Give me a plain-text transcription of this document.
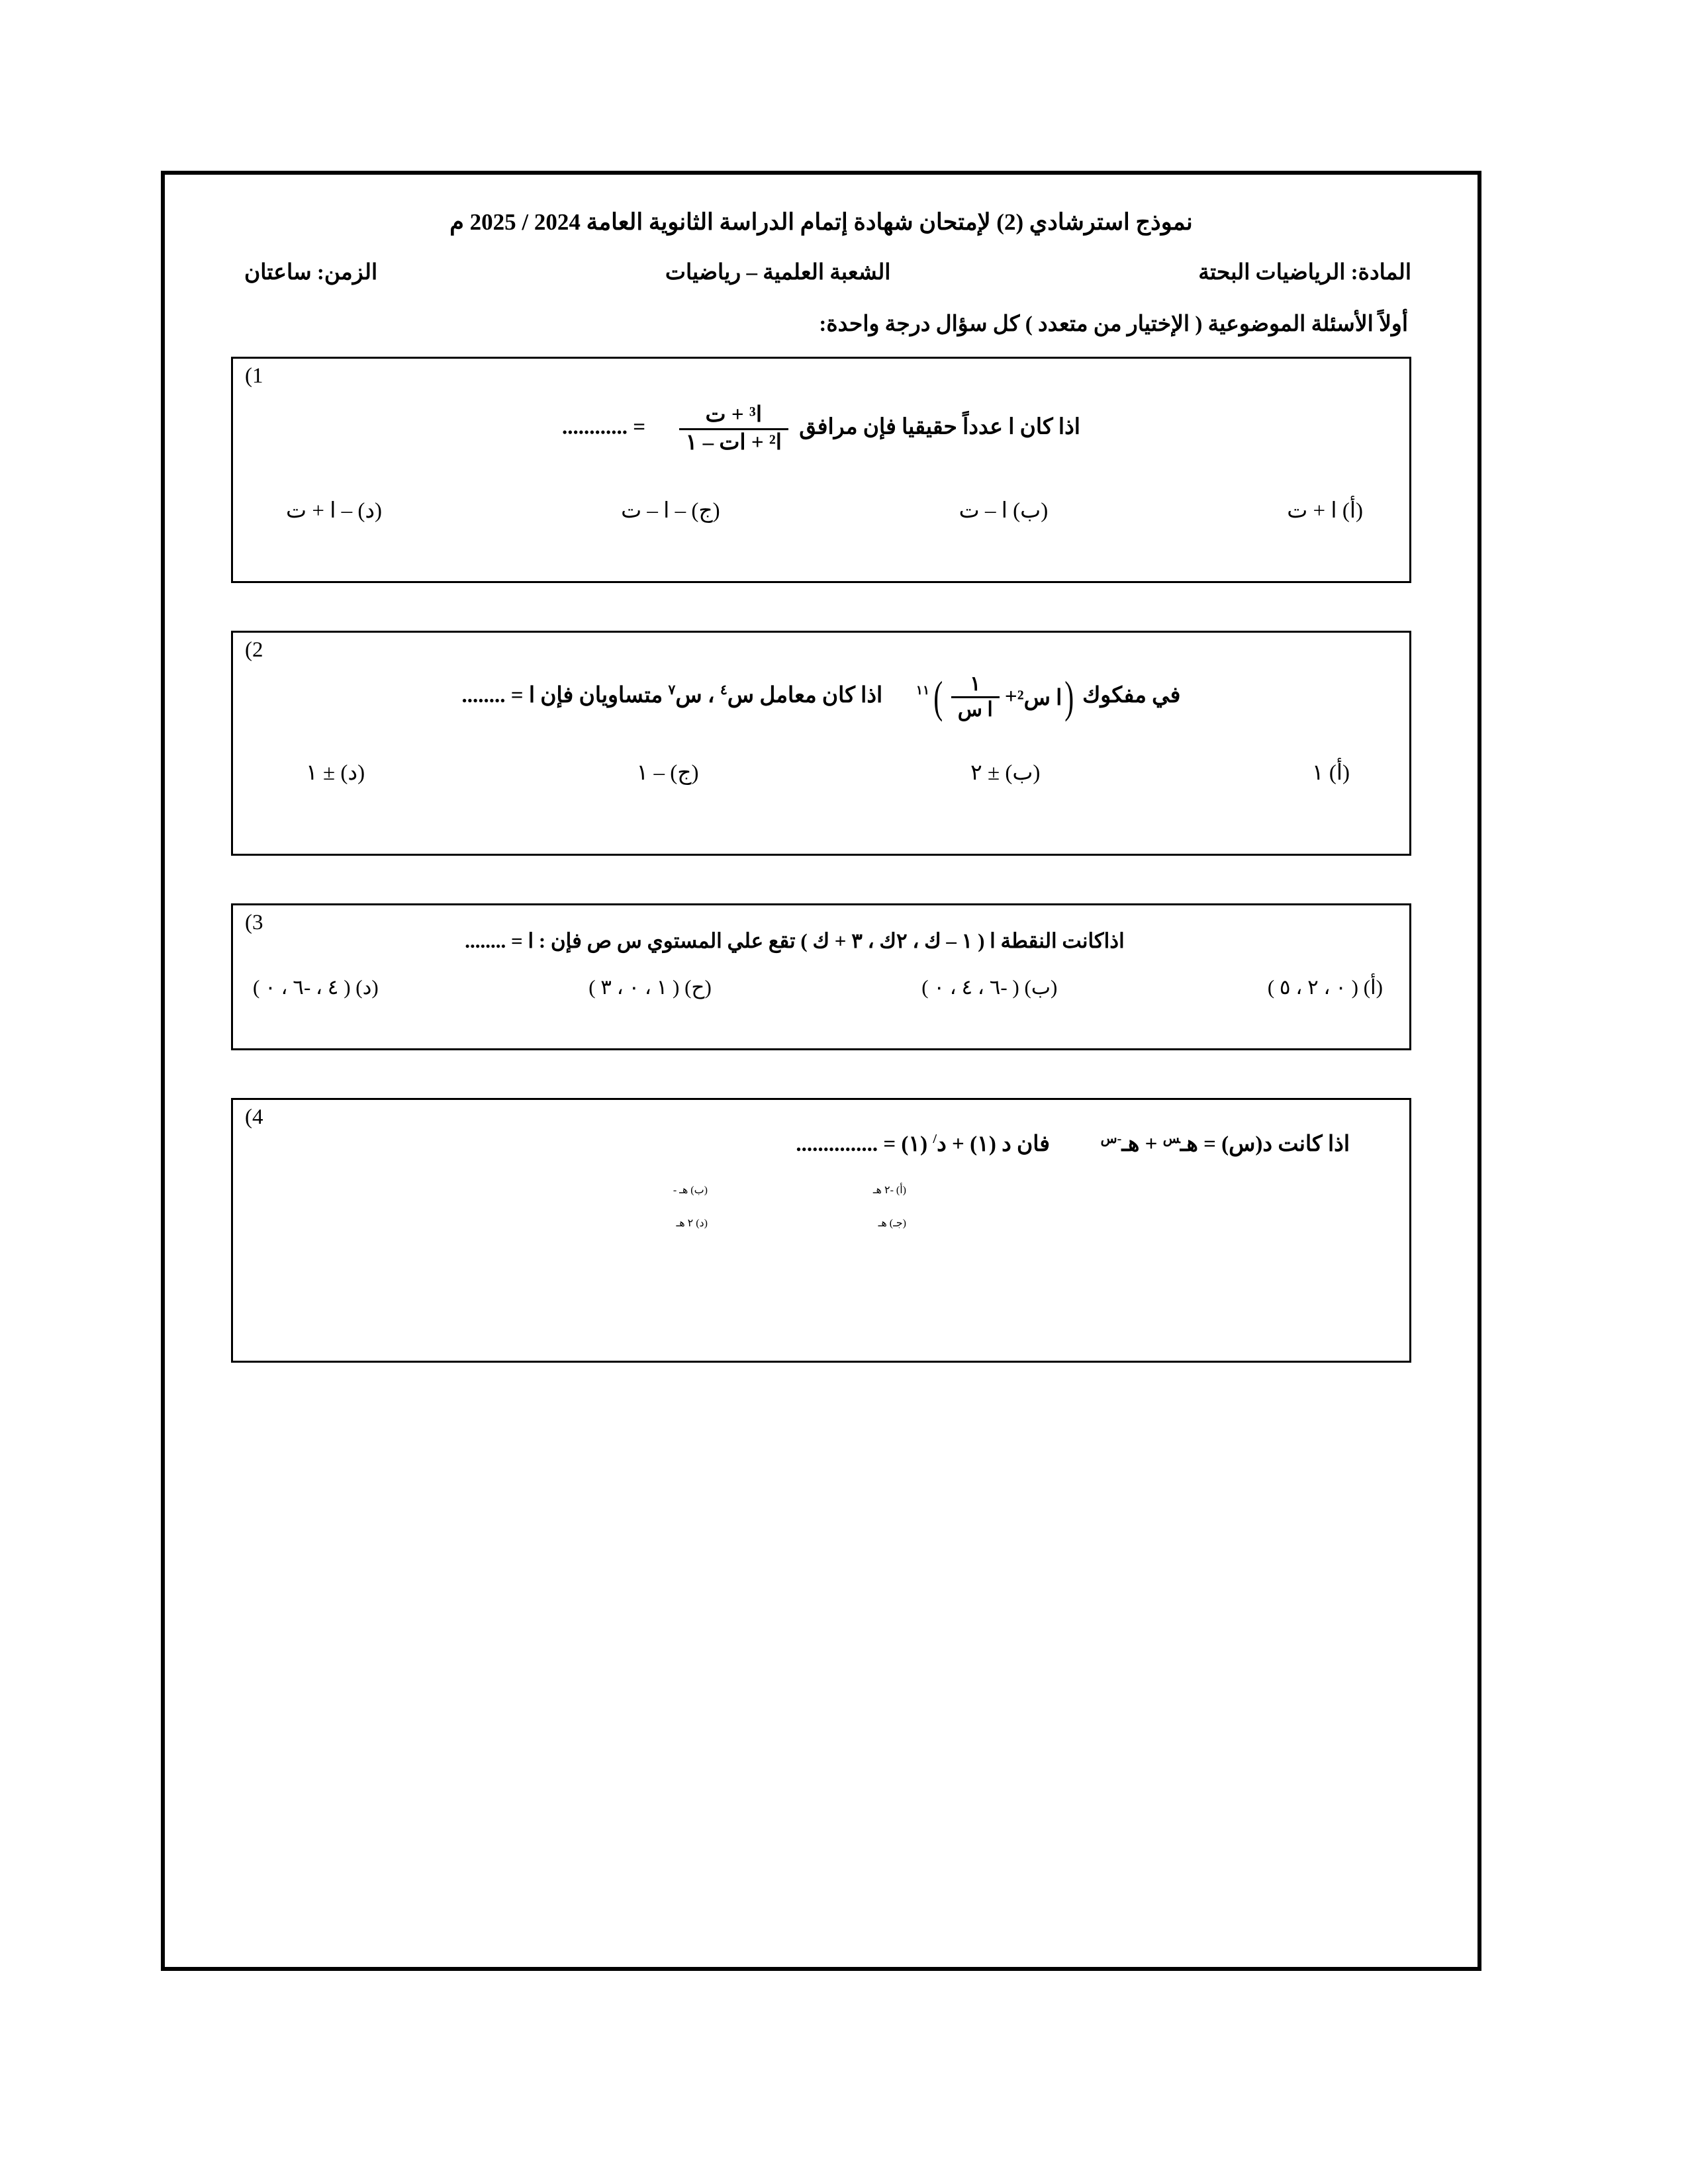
نموذج استرشادي (2) لإمتحان شهادة إتمام الدراسة الثانوية العامة 2024 / 2025 م
المادة: الرياضيات البحتة
الشعبة العلمية – رياضيات
الزمن: ساعتان
أولاً الأسئلة الموضوعية ( الإختيار من متعدد ) كل سؤال درجة واحدة:
(1
اذا كان ا عدداً حقيقيا فإن مرافق
$\frac{\text{ا³ + ت}}{\text{ا² + ات – ١}}$
= ............
(أ) ا + ت
(ب) ا – ت
(ج) – ا – ت
(د) – ا + ت
(2
في مفكوك
(
ا س²
+
$\frac{١}{\text{ا س}}$
)
$^{١١}$  اذا كان معامل س$^٤$ ، س$^٧$ متساويان فإن ا = ........
(أ) ١
(ب) ± ٢
(ج) – ١
(د) ± ١
(3
اذاكانت النقطة ا ( ١ – ك ، ٢ك ، ٣ + ك ) تقع علي المستوي س ص فإن : ا = ........
(أ) ( ٠ ، ٢ ، ٥ )
(ب) ( -٦ ، ٤ ، ٠ )
(ح) ( ١ ، ٠ ، ٣ )
(د) ( ٤ ، -٦ ، ٠ )
(4
اذا كانت د(س) = هـ$^س$ + هـ$^{-س}$  فان د (١) + د/ (١) = ...............
(أ) -٢ هـ
(ب) هـ -
(جـ) هـ
(د) ٢ هـ
